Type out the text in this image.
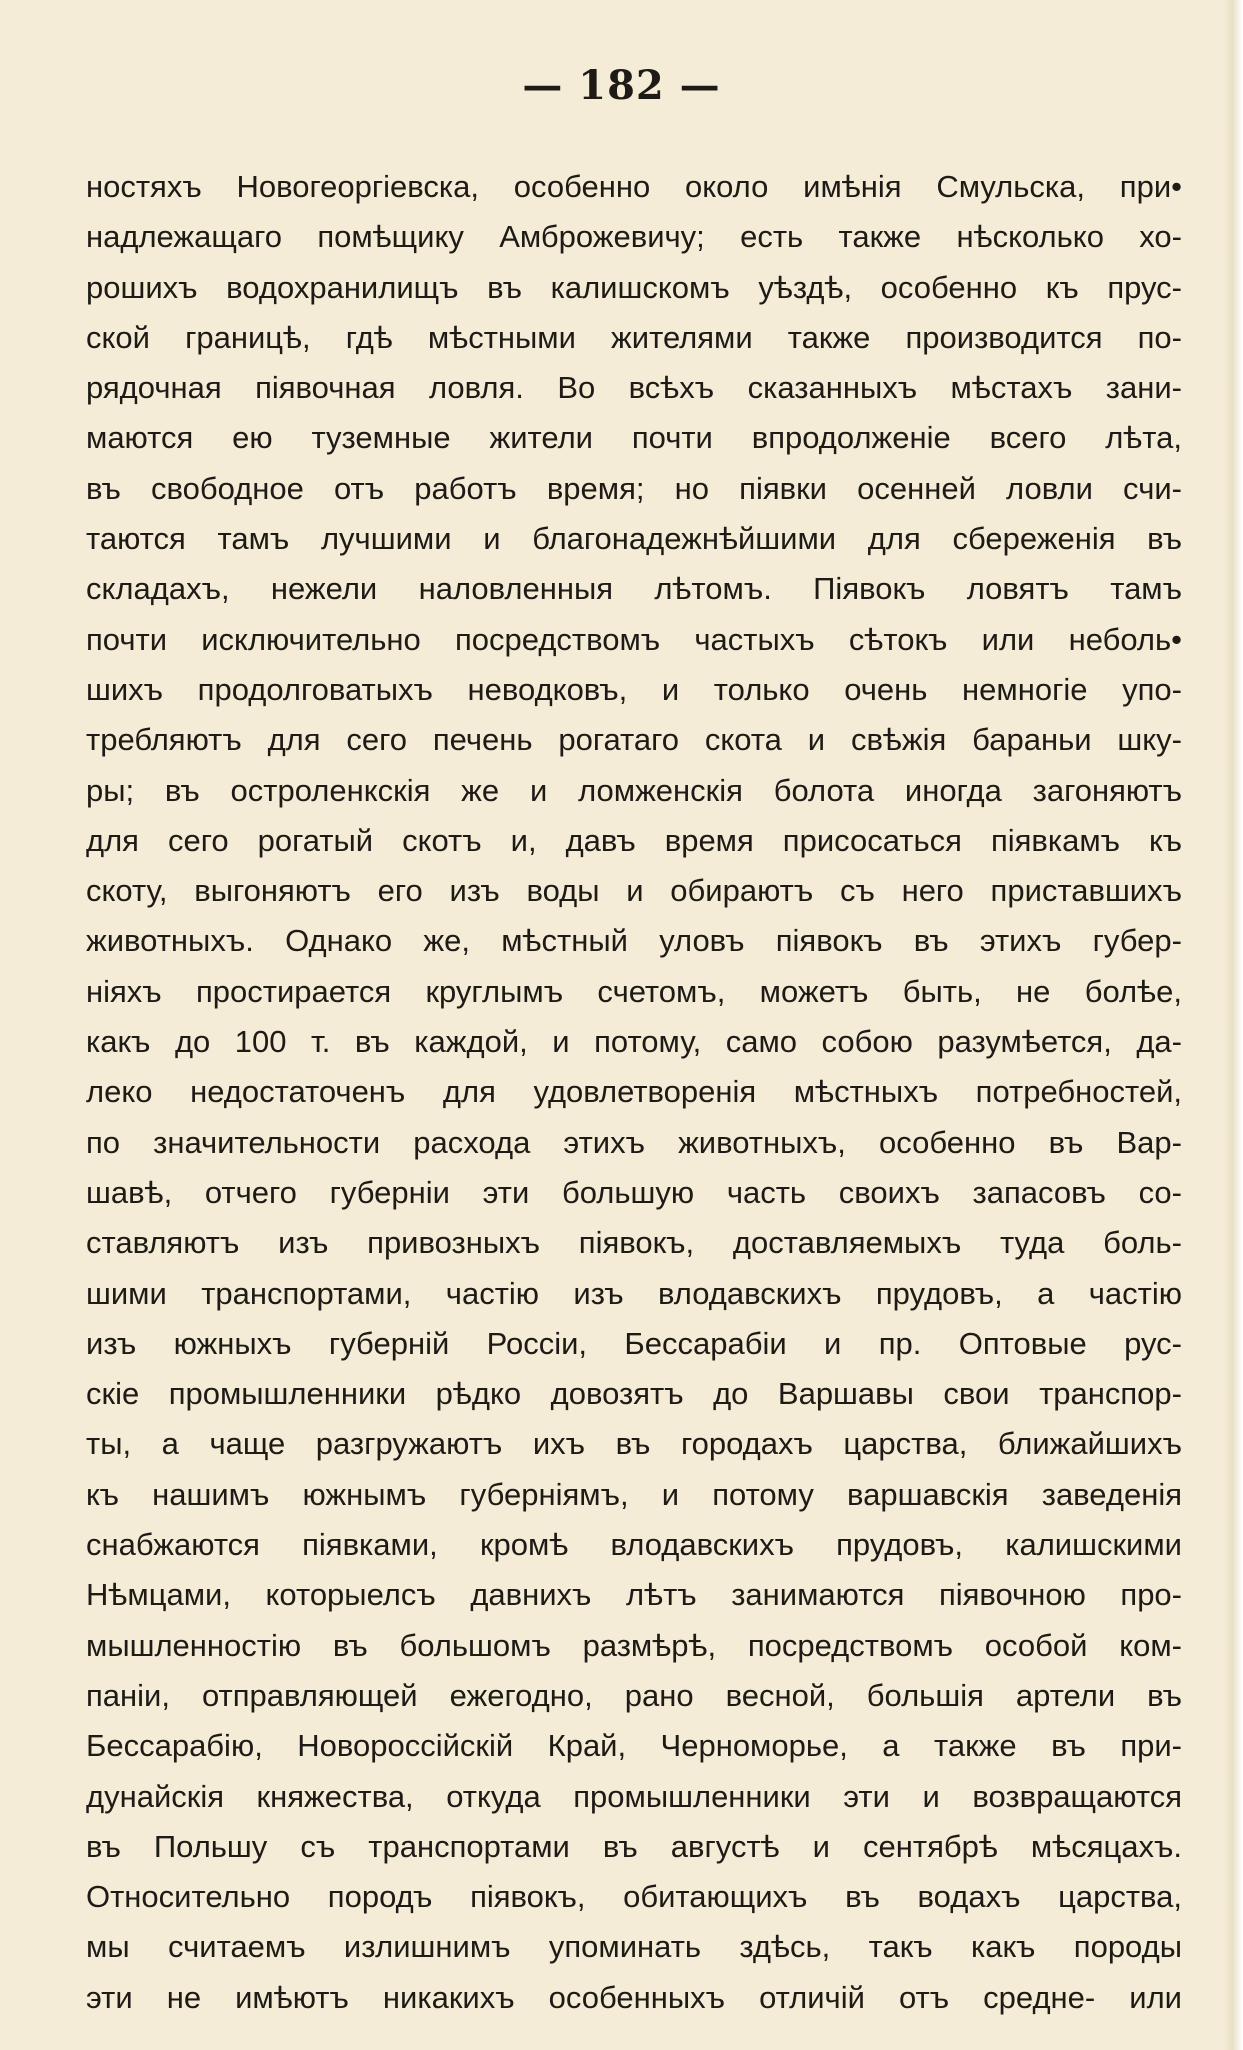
— 182 —
ностяхъ Новогеоргіевска, особенно около имѣнія Смульска, при•
надлежащаго помѣщику Амброжевичу; есть также нѣсколько хо-
рошихъ водохранилищъ въ калишскомъ уѣздѣ, особенно къ прус-
ской границѣ, гдѣ мѣстными жителями также производится по-
рядочная піявочная ловля. Во всѣхъ сказанныхъ мѣстахъ зани-
маются ею туземные жители почти впродолженіе всего лѣта,
въ свободное отъ работъ время; но піявки осенней ловли счи-
таются тамъ лучшими и благонадежнѣйшими для сбереженія въ
складахъ, нежели наловленныя лѣтомъ. Піявокъ ловятъ тамъ
почти исключительно посредствомъ частыхъ сѣтокъ или неболь•
шихъ продолговатыхъ неводковъ, и только очень немногіе упо-
требляютъ для сего печень рогатаго скота и свѣжія бараньи шку-
ры; въ остроленкскія же и ломженскія болота иногда загоняютъ
для сего рогатый скотъ и, давъ время присосаться піявкамъ къ
скоту, выгоняютъ его изъ воды и обираютъ съ него приставшихъ
животныхъ. Однако же, мѣстный уловъ піявокъ въ этихъ губер-
ніяхъ простирается круглымъ счетомъ, можетъ быть, не болѣе,
какъ до 100 т. въ каждой, и потому, само собою разумѣется, да-
леко недостаточенъ для удовлетворенія мѣстныхъ потребностей,
по значительности расхода этихъ животныхъ, особенно въ Вар-
шавѣ, отчего губерніи эти большую часть своихъ запасовъ со-
ставляютъ изъ привозныхъ піявокъ, доставляемыхъ туда боль-
шими транспортами, частію изъ влодавскихъ прудовъ, а частію
изъ южныхъ губерній Россіи, Бессарабіи и пр. Оптовые рус-
скіе промышленники рѣдко довозятъ до Варшавы свои транспор-
ты, а чаще разгружаютъ ихъ въ городахъ царства, ближайшихъ
къ нашимъ южнымъ губерніямъ, и потому варшавскія заведенія
снабжаются піявками, кромѣ влодавскихъ прудовъ, калишскими
Нѣмцами, которыелсъ давнихъ лѣтъ занимаются піявочною про-
мышленностію въ большомъ размѣрѣ, посредствомъ особой ком-
паніи, отправляющей ежегодно, рано весной, большія артели въ
Бессарабію, Новороссійскій Край, Черноморье, а также въ при-
дунайскія княжества, откуда промышленники эти и возвращаются
въ Польшу съ транспортами въ августѣ и сентябрѣ мѣсяцахъ.
Относительно породъ піявокъ, обитающихъ въ водахъ царства,
мы считаемъ излишнимъ упоминать здѣсь, такъ какъ породы
эти не имѣютъ никакихъ особенныхъ отличій отъ средне- или
